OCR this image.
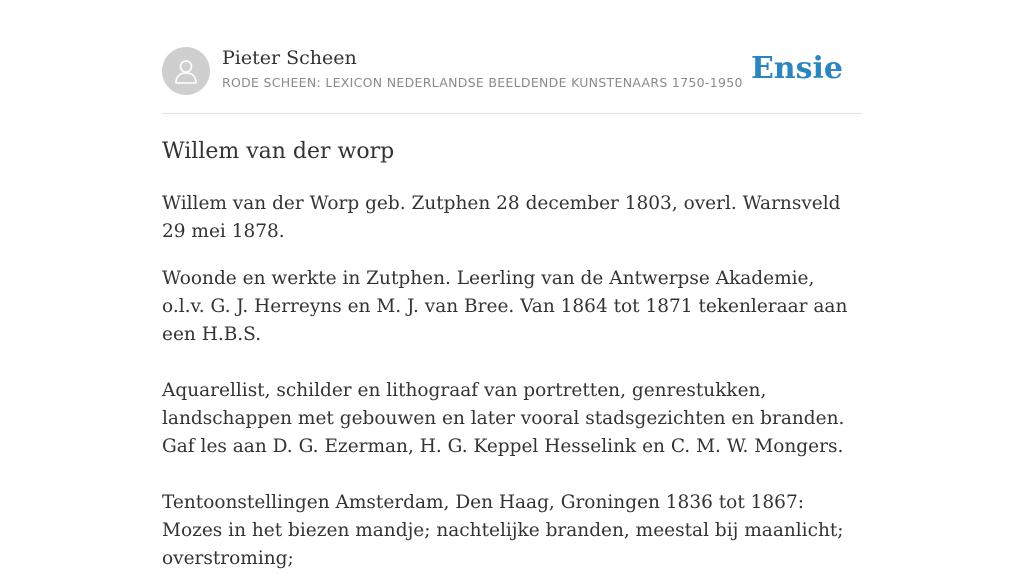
Pieter Scheen
RODE SCHEEN: LEXICON NEDERLANDSE BEELDENDE KUNSTENAARS 1750-1950 Ensie
Willem van der worp

Willem van der Worp geb. Zutphen 28 december 1803, overl. Warnsveld 29 mei 1878.

Woonde en werkte in Zutphen. Leerling van de Antwerpse Akademie, o.l.v. G. J. Herreyns en M. J. van Bree. Van 1864 tot 1871 tekenleraar aan een H.B.S.

Aquarellist, schilder en lithograaf van portretten, genrestukken, landschappen met gebouwen en later vooral stadsgezichten en branden. Gaf les aan D. G. Ezerman, H. G. Keppel Hesselink en C. M. W. Mongers.

Tentoonstellingen Amsterdam, Den Haag, Groningen 1836 tot 1867: Mozes in het biezen mandje; nachtelijke branden, meestal bij maanlicht; overstroming;
